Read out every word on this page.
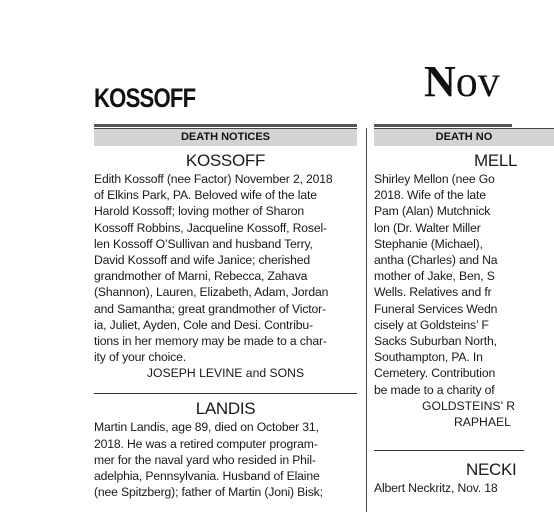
KOSSOFF	Nov
DEATH NOTICES
KOSSOFF
Edith Kossoff (nee Factor) November 2, 2018
of Elkins Park, PA. Beloved wife of the late
Harold Kossoff; loving mother of Sharon
Kossoff Robbins, Jacqueline Kossoff, Rosel-
len Kossoff O’Sullivan and husband Terry,
David Kossoff and wife Janice; cherished
grandmother of Marni, Rebecca, Zahava
(Shannon), Lauren, Elizabeth, Adam, Jordan
and Samantha; great grandmother of Victor-
ia, Juliet, Ayden, Cole and Desi. Contribu-
tions in her memory may be made to a char-
ity of your choice.
JOSEPH LEVINE and SONS
LANDIS
Martin Landis, age 89, died on October 31,
2018. He was a retired computer program-
mer for the naval yard who resided in Phil-
adelphia, Pennsylvania. Husband of Elaine
(nee Spitzberg); father of Martin (Joni) Bisk;
DEATH NO
MELL
Shirley Mellon (nee Go
2018. Wife of the late
Pam (Alan) Mutchnick
lon (Dr. Walter Miller
Stephanie (Michael),
antha (Charles) and Na
mother of Jake, Ben, S
Wells. Relatives and fr
Funeral Services Wedn
cisely at Goldsteins’ F
Sacks Suburban North,
Southampton, PA. In
Cemetery. Contribution
be made to a charity of
GOLDSTEINS’ R
RAPHAEL
NECKI
Albert Neckritz, Nov. 18
